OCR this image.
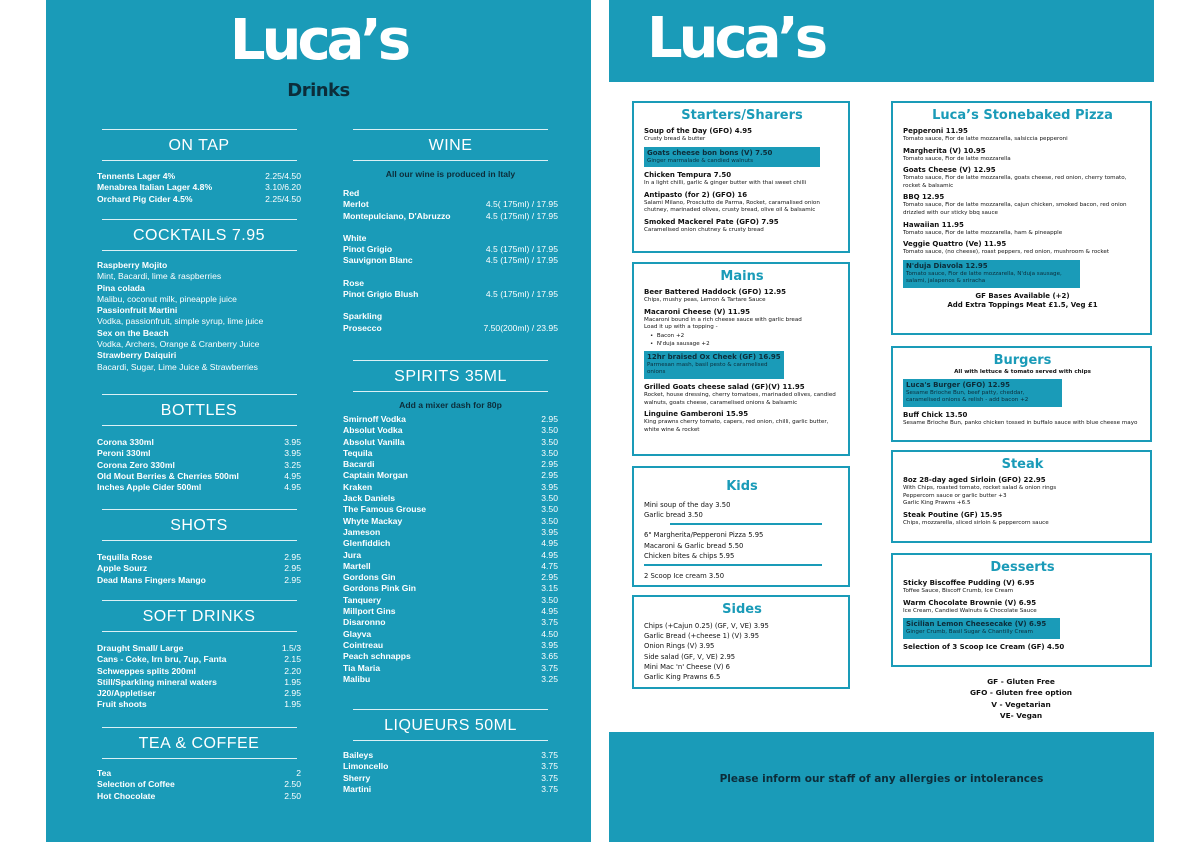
Luca’s
Drinks
ON TAP
Tennents Lager 4%	2.25/4.50
Menabrea Italian Lager 4.8%	3.10/6.20
Orchard Pig Cider 4.5%	2.25/4.50
COCKTAILS 7.95
Raspberry Mojito
Mint, Bacardi, lime & raspberries
Pina colada
Malibu, coconut milk, pineapple juice
Passionfruit Martini
Vodka, passionfruit, simple syrup, lime juice
Sex on the Beach
Vodka, Archers, Orange & Cranberry Juice
Strawberry Daiquiri
Bacardi, Sugar, Lime Juice & Strawberries
BOTTLES
Corona 330ml	3.95
Peroni 330ml	3.95
Corona Zero 330ml	3.25
Old Mout Berries & Cherries 500ml	4.95
Inches Apple Cider 500ml	4.95
SHOTS
Tequilla Rose	2.95
Apple Sourz	2.95
Dead Mans Fingers Mango	2.95
SOFT DRINKS
Draught Small/ Large	1.5/3
Cans - Coke, Irn bru, 7up, Fanta	2.15
Schweppes splits 200ml	2.20
Still/Sparkling mineral waters	1.95
J20/Appletiser	2.95
Fruit shoots	1.95
TEA & COFFEE
Tea	2
Selection of Coffee	2.50
Hot Chocolate	2.50
WINE
All our wine is produced in Italy
Red
Merlot	4.5( 175ml) / 17.95
Montepulciano, D'Abruzzo	4.5 (175ml) / 17.95
White
Pinot Grigio	4.5 (175ml) / 17.95
Sauvignon Blanc	4.5 (175ml) / 17.95
Rose
Pinot Grigio Blush	4.5 (175ml) / 17.95
Sparkling
Prosecco	7.50(200ml) / 23.95
SPIRITS 35ML
Add a mixer dash for 80p
Smirnoff Vodka	2.95
Absolut Vodka	3.50
Absolut Vanilla	3.50
Tequila	3.50
Bacardi	2.95
Captain Morgan	2.95
Kraken	3.95
Jack Daniels	3.50
The Famous Grouse	3.50
Whyte Mackay	3.50
Jameson	3.95
Glenfiddich	4.95
Jura	4.95
Martell	4.75
Gordons Gin	2.95
Gordons Pink Gin	3.15
Tanquery	3.50
Millport Gins	4.95
Disaronno	3.75
Glayva	4.50
Cointreau	3.95
Peach schnapps	3.65
Tia Maria	3.75
Malibu	3.25
LIQUEURS 50ML
Baileys	3.75
Limoncello	3.75
Sherry	3.75
Martini	3.75
Luca’s
Starters/Sharers
Soup of the Day (GFO) 4.95
Crusty bread & butter
Goats cheese bon bons (V) 7.50
Ginger marmalade & candied walnuts
Chicken Tempura 7.50
In a light chilli, garlic & ginger butter with thai sweet chilli
Antipasto (for 2) (GFO) 16
Salami Milano, Prosciutto de Parma, Rocket, caramalised onion chutney, marinaded olives, crusty bread, olive oil & balsamic
Smoked Mackerel Pate (GFO) 7.95
Caramelised onion chutney & crusty bread
Mains
Beer Battered Haddock (GFO) 12.95
Chips, mushy peas, Lemon & Tartare Sauce
Macaroni Cheese (V) 11.95
Macaroni bound in a rich cheese sauce with garlic bread
Load it up with a topping -
•  Bacon +2
•  N'duja sausage +2
12hr braised Ox Cheek (GF) 16.95
Parmesan mash, basil pesto & caramelised onions
Grilled Goats cheese salad (GF)(V) 11.95
Rocket, house dressing, cherry tomatoes, marinaded olives, candied walnuts, goats cheese, caramelised onions & balsamic
Linguine Gamberoni 15.95
King prawns cherry tomato, capers, red onion, chilli, garlic butter, white wine & rocket
Kids
Mini soup of the day 3.50
Garlic bread 3.50
6" Margherita/Pepperoni Pizza 5.95
Macaroni & Garlic bread 5.50
Chicken bites & chips 5.95
2 Scoop Ice cream 3.50
Sides
Chips (+Cajun 0.25) (GF, V, VE) 3.95
Garlic Bread (+cheese 1) (V) 3.95
Onion Rings (V) 3.95
Side salad (GF, V, VE) 2.95
Mini Mac 'n' Cheese (V) 6
Garlic King Prawns 6.5
Luca’s Stonebaked Pizza
Pepperoni 11.95
Tomato sauce, Fior de latte mozzarella, salsiccia pepperoni
Margherita (V) 10.95
Tomato sauce, Fior de latte mozzarella
Goats Cheese (V) 12.95
Tomato sauce, Fior de latte mozzarella, goats cheese, red onion, cherry tomato, rocket & balsamic
BBQ 12.95
Tomato sauce, Fior de latte mozzarella, cajun chicken, smoked bacon, red onion drizzled with our sticky bbq sauce
Hawaiian 11.95
Tomato sauce, Fior de latte mozzarella, ham & pineapple
Veggie Quattro (Ve) 11.95
Tomato sauce, (no cheese), roast peppers, red onion, mushroom & rocket
N'duja Diavola 12.95
Tomato sauce, Fior de latte mozzarella, N'duja sausage, salami, jalapenos & sriracha
GF Bases Available (+2)
Add Extra Toppings Meat £1.5, Veg £1
Burgers
All with lettuce & tomato served with chips
Luca's Burger (GFO) 12.95
Sesame Brioche Bun, beef patty, cheddar, caramelised onions & relish - add bacon +2
Buff Chick 13.50
Sesame Brioche Bun, panko chicken tossed in buffalo sauce with blue cheese mayo
Steak
8oz 28-day aged Sirloin (GFO) 22.95
With Chips, roasted tomato, rocket salad & onion rings
Peppercorn sauce or garlic butter +3
Garlic King Prawns +6.5
Steak Poutine (GF) 15.95
Chips, mozzarella, sliced sirloin & peppercorn sauce
Desserts
Sticky Biscoffee Pudding (V) 6.95
Toffee Sauce, Biscoff Crumb, Ice Cream
Warm Chocolate Brownie (V) 6.95
Ice Cream, Candied Walnuts & Chocolate Sauce
Sicilian Lemon Cheesecake (V) 6.95
Ginger Crumb, Basil Sugar & Chantilly Cream
Selection of 3 Scoop Ice Cream (GF) 4.50
GF - Gluten Free
GFO - Gluten free option
V - Vegetarian
VE- Vegan
Please inform our staff of any allergies or intolerances
